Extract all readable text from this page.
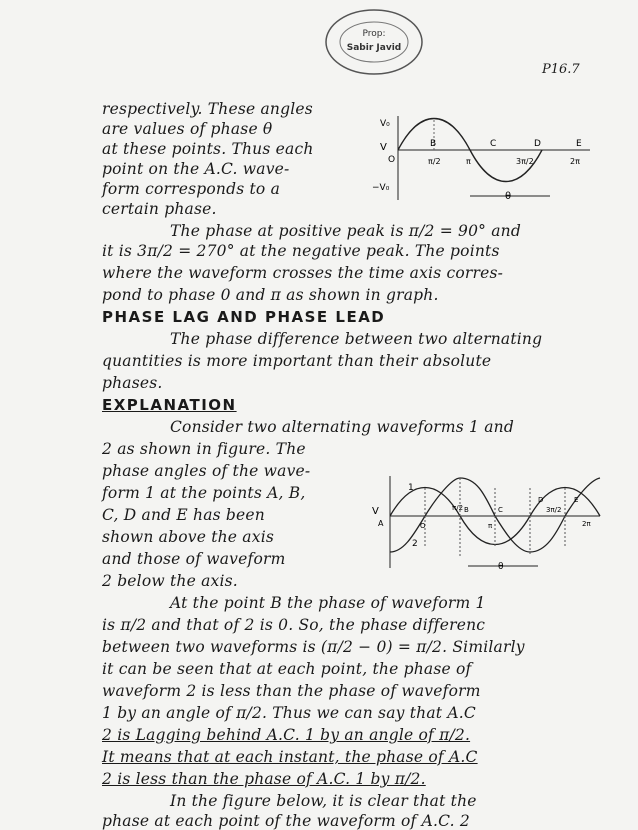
Prop:
Sabir Javid
P16.7
respectively. These angles
are values of phase θ
at these points. Thus each
point on the A.C. wave-
form corresponds to a
certain phase.
The phase at positive peak is π/2 = 90° and
it is 3π/2 = 270° at the negative peak. The points
where the waveform crosses the time axis corres-
pond to phase 0 and π as shown in graph.
PHASE LAG AND PHASE LEAD
The phase difference between two alternating
quantities is more important than their absolute
phases.
EXPLANATION
Consider two alternating waveforms 1 and
2 as shown in figure. The
phase angles of the wave-
form 1 at the points A, B,
C, D and E has been
shown above the axis
and those of waveform
2 below the axis.
At the point B the phase of waveform 1
is π/2 and that of 2 is 0. So, the phase differenc
between two waveforms is (π/2 − 0) = π/2. Similarly
it can be seen that at each point, the phase of
waveform 2 is less than the phase of waveform
1 by an angle of π/2. Thus we can say that A.C
2 is Lagging behind A.C. 1 by an angle of π/2.
It means that at each instant, the phase of A.C
2 is less than the phase of A.C. 1 by π/2.
In the figure below, it is clear that the
phase at each point of the waveform of A.C. 2
V₀
−V₀
V
O
B	C	D	E
π/2	π	3π/2	2π
θ
V
A
1
2
O
B	C
D	E
π/2
π
3π/2
2π
θ
